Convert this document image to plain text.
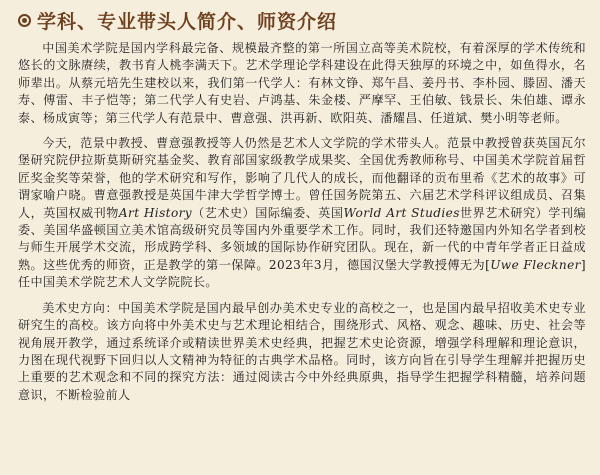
学科、专业带头人简介、师资介绍

中国美术学院是国内学科最完备、规模最齐整的第一所国立高等美术院校，有着深厚的学术传统和悠长的文脉赓续，教书育人桃李满天下。艺术学理论学科建设在此得天独厚的环境之中，如鱼得水，名师辈出。从蔡元培先生建校以来，我们第一代学人：有林文铮、郑午昌、姜丹书、李朴园、滕固、潘天寿、傅雷、丰子恺等；第二代学人有史岩、卢鸿基、朱金楼、严摩罕、王伯敏、钱景长、朱伯雄、谭永泰、杨成寅等；第三代学人有范景中、曹意强、洪再新、欧阳英、潘耀昌、任道斌、樊小明等老师。

今天，范景中教授、曹意强教授等人仍然是艺术人文学院的学术带头人。范景中教授曾获英国瓦尔堡研究院伊拉斯莫斯研究基金奖、教育部国家级教学成果奖、全国优秀教师称号、中国美术学院首届哲匠奖金奖等荣誉，他的学术研究和写作，影响了几代人的成长，而他翻译的贡布里希《艺术的故事》可谓家喻户晓。曹意强教授是英国牛津大学哲学博士。曾任国务院第五、六届艺术学科评议组成员、召集人，英国权威刊物Art History（艺术史）国际编委、英国World Art Studies世界艺术研究）学刊编委、美国华盛顿国立美术馆高级研究员等国内外重要学术工作。同时，我们还特邀国内外知名学者到校与师生开展学术交流，形成跨学科、多领域的国际协作研究团队。现在，新一代的中青年学者正日益成熟。这些优秀的师资，正是教学的第一保障。2023年3月，德国汉堡大学教授傅无为[Uwe Fleckner]任中国美术学院艺术人文学院院长。

美术史方向：中国美术学院是国内最早创办美术史专业的高校之一，也是国内最早招收美术史专业研究生的高校。该方向将中外美术史与艺术理论相结合，围绕形式、风格、观念、趣味、历史、社会等视角展开教学，通过系统译介或精读世界美术史经典，把握艺术史论资源，增强学科理解和理论意识，力图在现代视野下回归以人文精神为特征的古典学术品格。同时，该方向旨在引导学生理解并把握历史上重要的艺术观念和不同的探究方法：通过阅读古今中外经典原典，指导学生把握学科精髓，培养问题意识，不断检验前人
